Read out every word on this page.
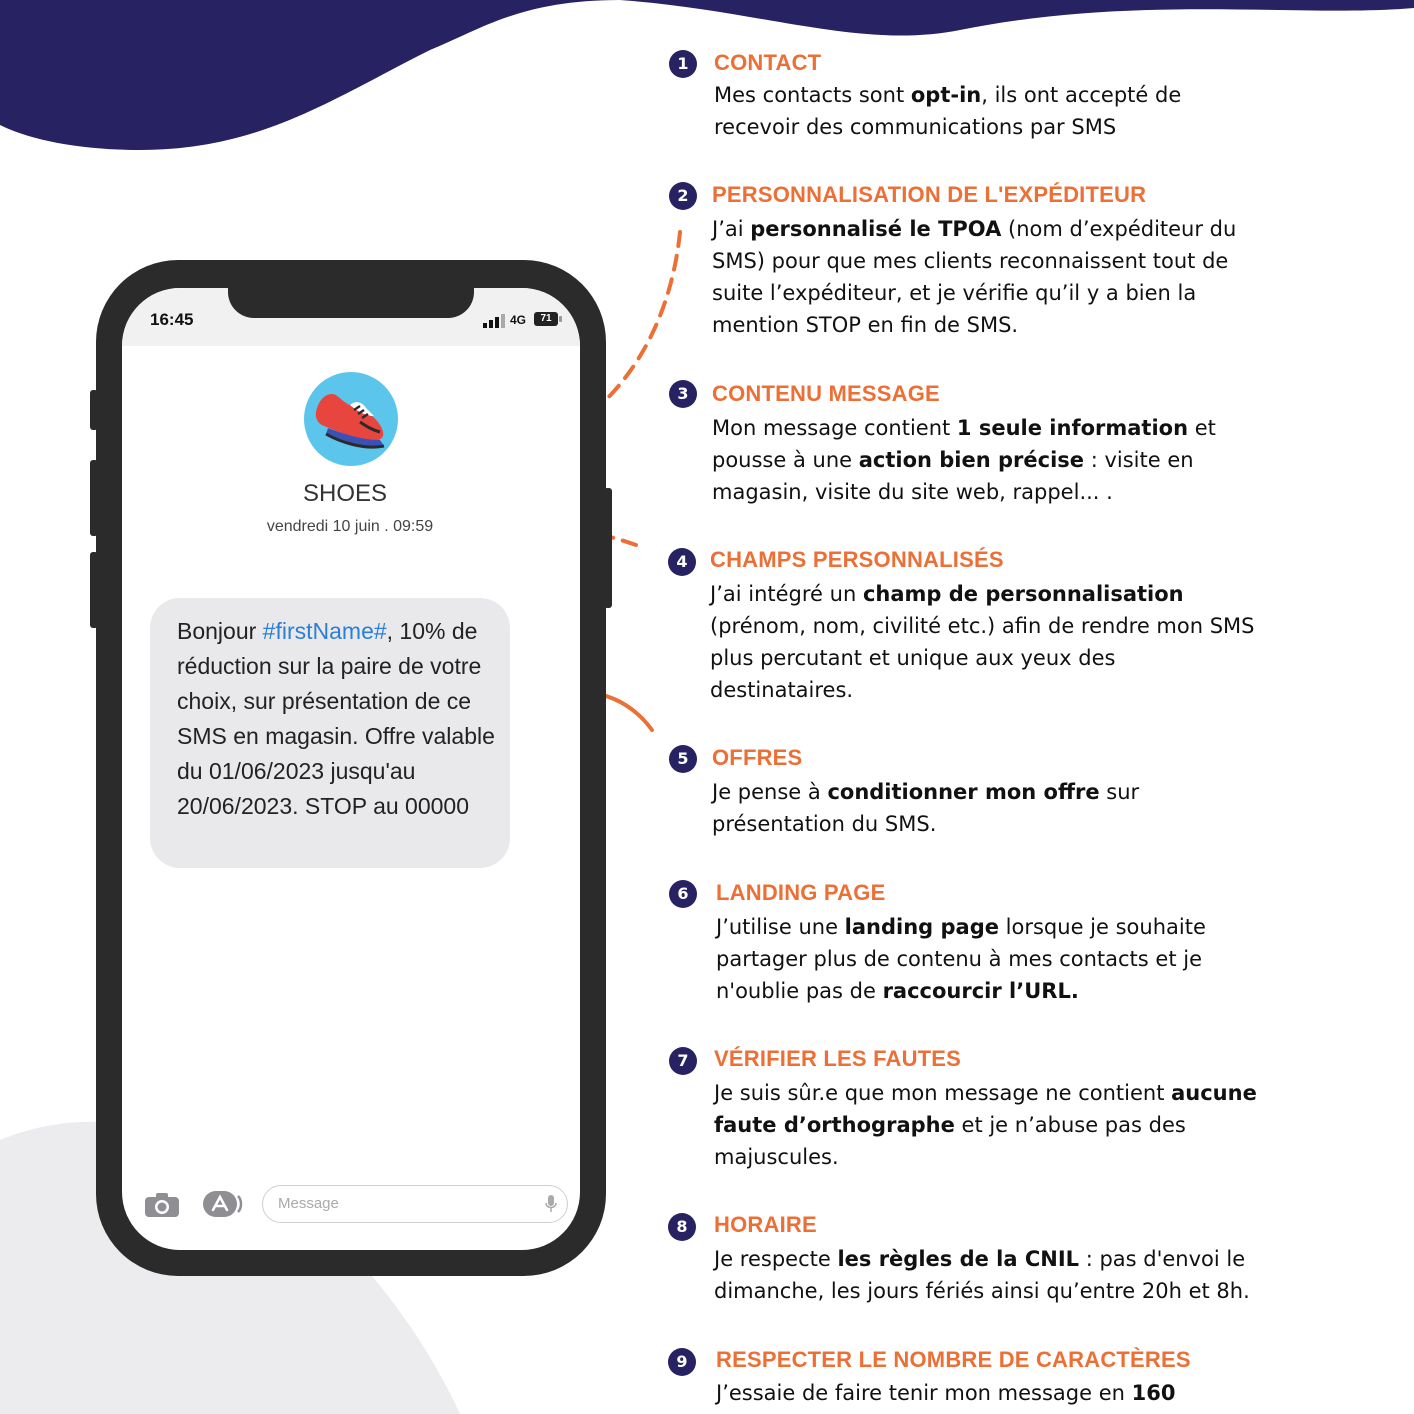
16:45	4G	71
SHOES
vendredi 10 juin . 09:59
Bonjour #firstName#, 10% de réduction sur la paire de votre choix, sur présentation de ce SMS en magasin. Offre valable du 01/06/2023 jusqu'au 20/06/2023. STOP au 00000
Message
1	CONTACT
Mes contacts sont opt-in, ils ont accepté de
recevoir des communications par SMS
2	PERSONNALISATION DE L'EXPÉDITEUR
J’ai personnalisé le TPOA (nom d’expéditeur du
SMS) pour que mes clients reconnaissent tout de
suite l’expéditeur, et je vérifie qu’il y a bien la
mention STOP en fin de SMS.
3	CONTENU MESSAGE
Mon message contient 1 seule information et
pousse à une action bien précise : visite en
magasin, visite du site web, rappel... .
4	CHAMPS PERSONNALISÉS
J’ai intégré un champ de personnalisation
(prénom, nom, civilité etc.) afin de rendre mon SMS
plus percutant et unique aux yeux des
destinataires.
5	OFFRES
Je pense à conditionner mon offre sur
présentation du SMS.
6	LANDING PAGE
J’utilise une landing page lorsque je souhaite
partager plus de contenu à mes contacts et je
n'oublie pas de raccourcir l’URL.
7	VÉRIFIER LES FAUTES
Je suis sûr.e que mon message ne contient aucune
faute d’orthographe et je n’abuse pas des
majuscules.
8	HORAIRE
Je respecte les règles de la CNIL : pas d'envoi le
dimanche, les jours fériés ainsi qu’entre 20h et 8h.
9	RESPECTER LE NOMBRE DE CARACTÈRES
J’essaie de faire tenir mon message en 160
